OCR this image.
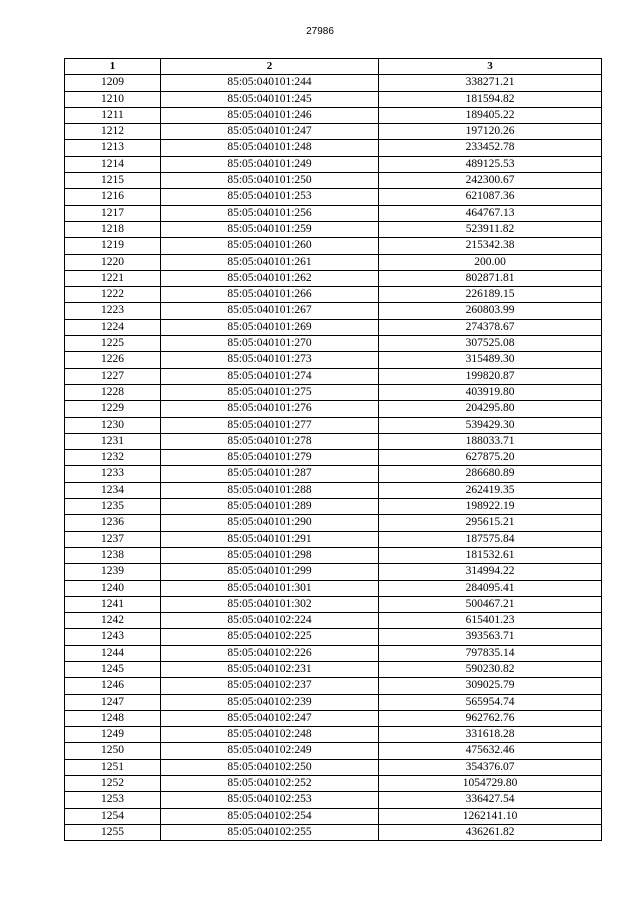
27986
1	2	3
1209	85:05:040101:244	338271.21
1210	85:05:040101:245	181594.82
1211	85:05:040101:246	189405.22
1212	85:05:040101:247	197120.26
1213	85:05:040101:248	233452.78
1214	85:05:040101:249	489125.53
1215	85:05:040101:250	242300.67
1216	85:05:040101:253	621087.36
1217	85:05:040101:256	464767.13
1218	85:05:040101:259	523911.82
1219	85:05:040101:260	215342.38
1220	85:05:040101:261	200.00
1221	85:05:040101:262	802871.81
1222	85:05:040101:266	226189.15
1223	85:05:040101:267	260803.99
1224	85:05:040101:269	274378.67
1225	85:05:040101:270	307525.08
1226	85:05:040101:273	315489.30
1227	85:05:040101:274	199820.87
1228	85:05:040101:275	403919.80
1229	85:05:040101:276	204295.80
1230	85:05:040101:277	539429.30
1231	85:05:040101:278	188033.71
1232	85:05:040101:279	627875.20
1233	85:05:040101:287	286680.89
1234	85:05:040101:288	262419.35
1235	85:05:040101:289	198922.19
1236	85:05:040101:290	295615.21
1237	85:05:040101:291	187575.84
1238	85:05:040101:298	181532.61
1239	85:05:040101:299	314994.22
1240	85:05:040101:301	284095.41
1241	85:05:040101:302	500467.21
1242	85:05:040102:224	615401.23
1243	85:05:040102:225	393563.71
1244	85:05:040102:226	797835.14
1245	85:05:040102:231	590230.82
1246	85:05:040102:237	309025.79
1247	85:05:040102:239	565954.74
1248	85:05:040102:247	962762.76
1249	85:05:040102:248	331618.28
1250	85:05:040102:249	475632.46
1251	85:05:040102:250	354376.07
1252	85:05:040102:252	1054729.80
1253	85:05:040102:253	336427.54
1254	85:05:040102:254	1262141.10
1255	85:05:040102:255	436261.82
